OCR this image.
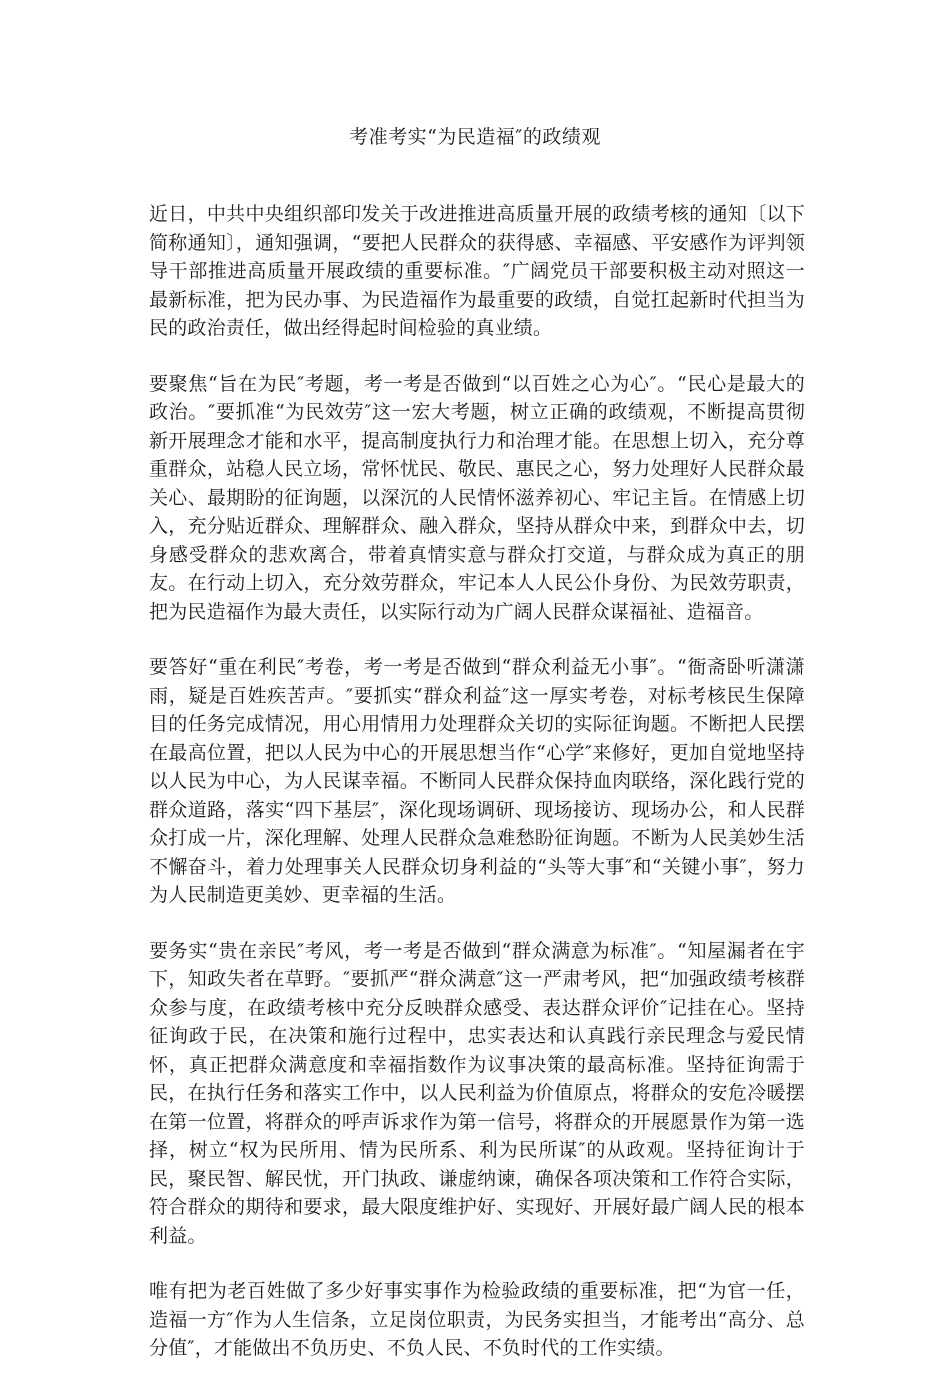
考准考实“为民造福″的政绩观

近日，中共中央组织部印发关于改进推进高质量开展的政绩考核的通知〔以下简称通知〕，通知强调，“要把人民群众的获得感、幸福感、平安感作为评判领导干部推进高质量开展政绩的重要标准。″广阔党员干部要积极主动对照这一最新标准，把为民办事、为民造福作为最重要的政绩，自觉扛起新时代担当为民的政治责任，做出经得起时间检验的真业绩。

要聚焦“旨在为民″考题，考一考是否做到“以百姓之心为心″。“民心是最大的政治。″要抓准“为民效劳″这一宏大考题，树立正确的政绩观，不断提高贯彻新开展理念才能和水平，提高制度执行力和治理才能。在思想上切入，充分尊重群众，站稳人民立场，常怀忧民、敬民、惠民之心，努力处理好人民群众最关心、最期盼的征询题，以深沉的人民情怀滋养初心、牢记主旨。在情感上切入，充分贴近群众、理解群众、融入群众，坚持从群众中来，到群众中去，切身感受群众的悲欢离合，带着真情实意与群众打交道，与群众成为真正的朋友。在行动上切入，充分效劳群众，牢记本人人民公仆身份、为民效劳职责，把为民造福作为最大责任，以实际行动为广阔人民群众谋福祉、造福音。

要答好“重在利民″考卷，考一考是否做到“群众利益无小事″。“衙斋卧听潇潇雨，疑是百姓疾苦声。″要抓实“群众利益″这一厚实考卷，对标考核民生保障目的任务完成情况，用心用情用力处理群众关切的实际征询题。不断把人民摆在最高位置，把以人民为中心的开展思想当作“心学″来修好，更加自觉地坚持以人民为中心，为人民谋幸福。不断同人民群众保持血肉联络，深化践行党的群众道路，落实“四下基层″，深化现场调研、现场接访、现场办公，和人民群众打成一片，深化理解、处理人民群众急难愁盼征询题。不断为人民美妙生活不懈奋斗，着力处理事关人民群众切身利益的“头等大事″和“关键小事″，努力为人民制造更美妙、更幸福的生活。

要务实“贵在亲民″考风，考一考是否做到“群众满意为标准″。“知屋漏者在宇下，知政失者在草野。″要抓严“群众满意″这一严肃考风，把“加强政绩考核群众参与度，在政绩考核中充分反映群众感受、表达群众评价″记挂在心。坚持征询政于民，在决策和施行过程中，忠实表达和认真践行亲民理念与爱民情怀，真正把群众满意度和幸福指数作为议事决策的最高标准。坚持征询需于民，在执行任务和落实工作中，以人民利益为价值原点，将群众的安危冷暖摆在第一位置，将群众的呼声诉求作为第一信号，将群众的开展愿景作为第一选择，树立“权为民所用、情为民所系、利为民所谋″的从政观。坚持征询计于民，聚民智、解民忧，开门执政、谦虚纳谏，确保各项决策和工作符合实际，符合群众的期待和要求，最大限度维护好、实现好、开展好最广阔人民的根本利益。

唯有把为老百姓做了多少好事实事作为检验政绩的重要标准，把“为官一任，造福一方″作为人生信条，立足岗位职责，为民务实担当，才能考出“高分、总分值″，才能做出不负历史、不负人民、不负时代的工作实绩。
